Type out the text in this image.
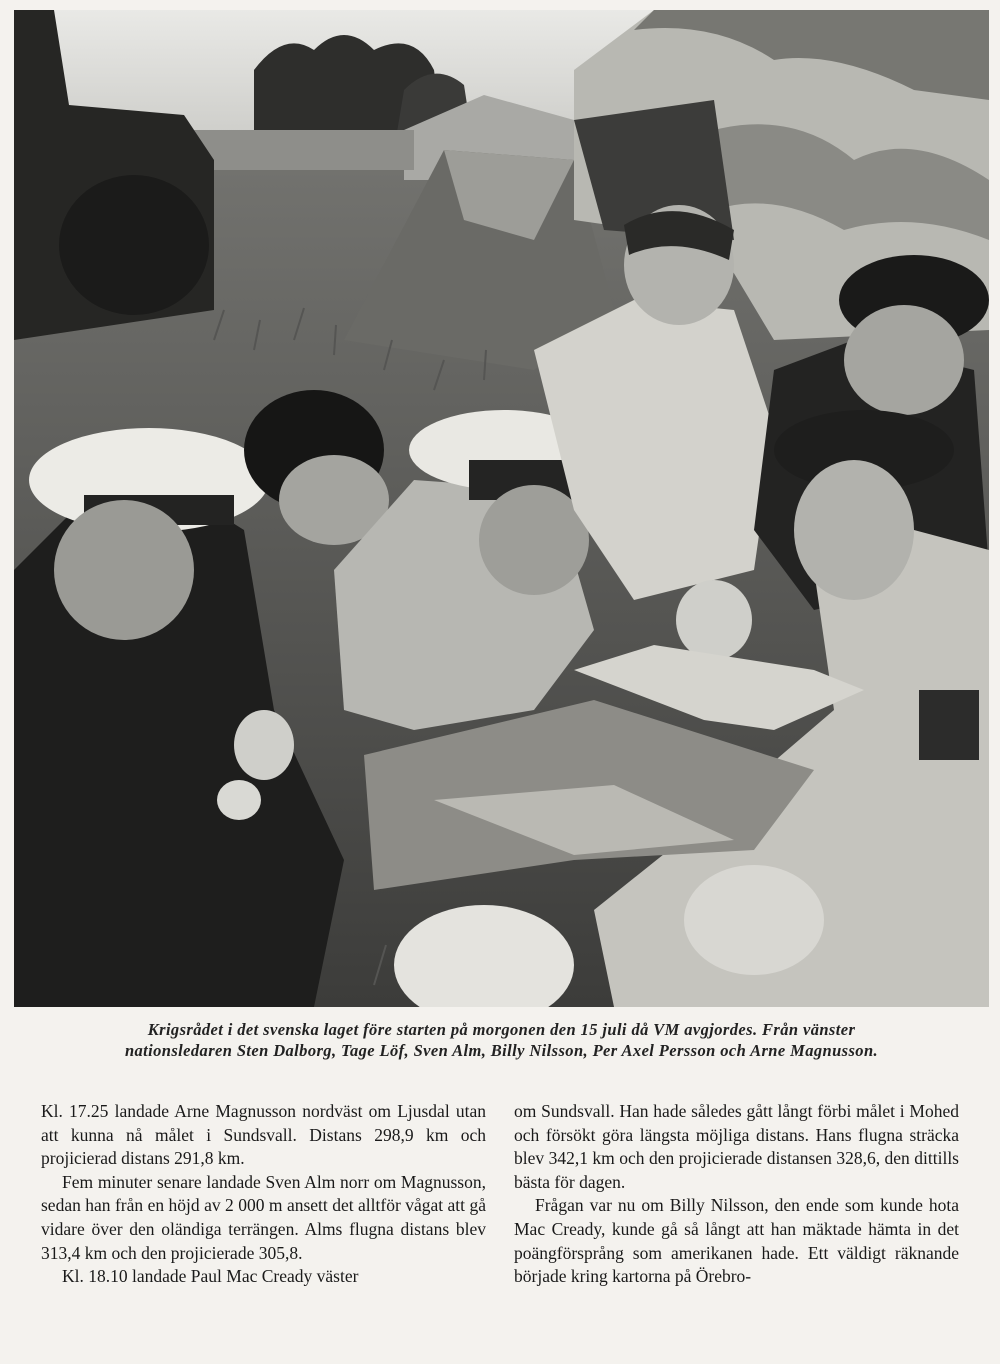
Krigsrådet i det svenska laget före starten på morgonen den 15 juli då VM avgjordes. Från vänster
nationsledaren Sten Dalborg, Tage Löf, Sven Alm, Billy Nilsson, Per Axel Persson och Arne Magnusson.

Kl. 17.25 landade Arne Magnusson nordväst om Ljusdal utan att kunna nå målet i Sundsvall. Distans 298,9 km och projicierad distans 291,8 km.

Fem minuter senare landade Sven Alm norr om Magnusson, sedan han från en höjd av 2 000 m ansett det alltför vågat att gå vidare över den oländiga terrängen. Alms flugna distans blev 313,4 km och den projicierade 305,8.

Kl. 18.10 landade Paul Mac Cready väster

om Sundsvall. Han hade således gått långt förbi målet i Mohed och försökt göra längsta möjliga distans. Hans flugna sträcka blev 342,1 km och den projicierade distansen 328,6, den dittills bästa för dagen.

Frågan var nu om Billy Nilsson, den ende som kunde hota Mac Cready, kunde gå så långt att han mäktade hämta in det poängförsprång som amerikanen hade. Ett väldigt räknande började kring kartorna på Örebro-
